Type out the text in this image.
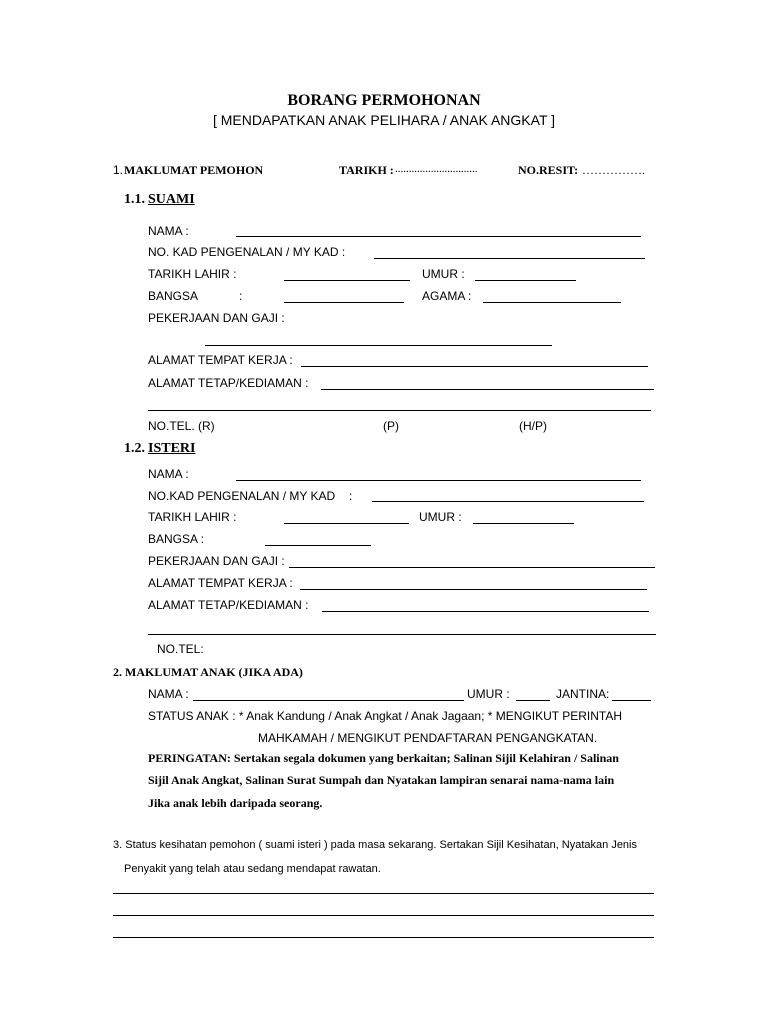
BORANG PERMOHONAN
[ MENDAPATKAN ANAK PELIHARA / ANAK ANGKAT ]
1. MAKLUMAT PEMOHON	TARIKH : ..............................	NO.RESIT: …………….
1.1. SUAMI
NAMA :
NO. KAD PENGENALAN / MY KAD :
TARIKH LAHIR :	UMUR :
BANGSA	:	AGAMA :
PEKERJAAN DAN GAJI :
ALAMAT TEMPAT KERJA :
ALAMAT TETAP/KEDIAMAN :
NO.TEL. (R)	(P)	(H/P)
1.2. ISTERI
NAMA :
NO.KAD PENGENALAN / MY KAD :
TARIKH LAHIR :	UMUR :
BANGSA :
PEKERJAAN DAN GAJI :
ALAMAT TEMPAT KERJA :
ALAMAT TETAP/KEDIAMAN :
NO.TEL:
2. MAKLUMAT ANAK (JIKA ADA)
NAMA :	UMUR :	JANTINA:
STATUS ANAK : * Anak Kandung / Anak Angkat / Anak Jagaan; * MENGIKUT PERINTAH
MAHKAMAH / MENGIKUT PENDAFTARAN PENGANGKATAN.
PERINGATAN: Sertakan segala dokumen yang berkaitan; Salinan Sijil Kelahiran / Salinan
Sijil Anak Angkat, Salinan Surat Sumpah dan Nyatakan lampiran senarai nama-nama lain
Jika anak lebih daripada seorang.
3. Status kesihatan pemohon ( suami isteri ) pada masa sekarang. Sertakan Sijil Kesihatan, Nyatakan Jenis
Penyakit yang telah atau sedang mendapat rawatan.
